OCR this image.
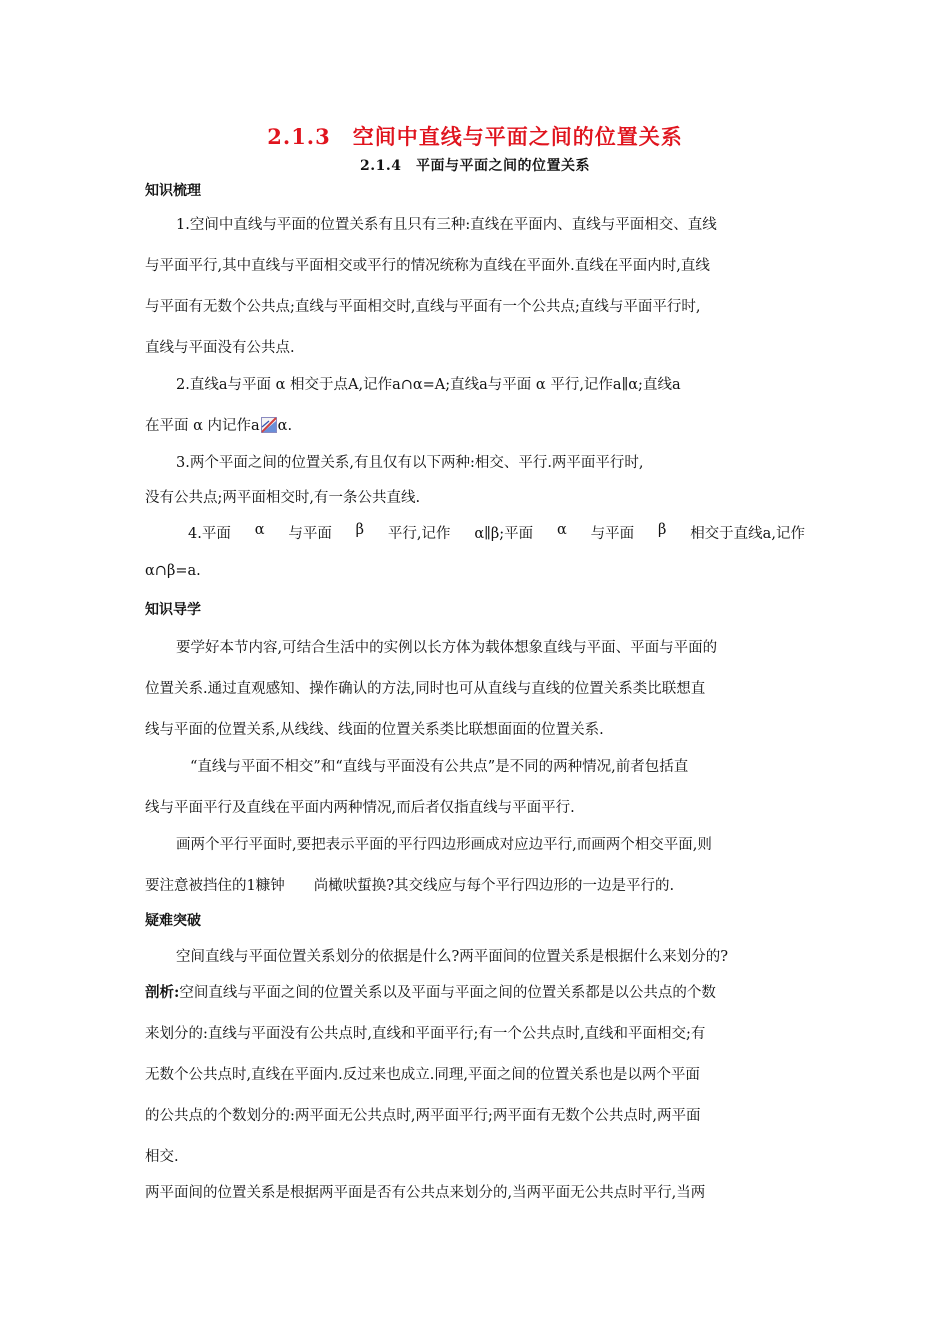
2.1.3　空间中直线与平面之间的位置关系
2.1.4　平面与平面之间的位置关系
知识梳理
1.空间中直线与平面的位置关系有且只有三种:直线在平面内、直线与平面相交、直线
与平面平行,其中直线与平面相交或平行的情况统称为直线在平面外.直线在平面内时,直线
与平面有无数个公共点;直线与平面相交时,直线与平面有一个公共点;直线与平面平行时,
直线与平面没有公共点.
2.直线a与平面 α 相交于点A,记作a∩α=A;直线a与平面 α 平行,记作a∥α;直线a
在平面 α 内记作a α.
3.两个平面之间的位置关系,有且仅有以下两种:相交、平行.两平面平行时,
没有公共点;两平面相交时,有一条公共直线.
4.平面 α 与平面 β 平行,记作 α∥β;平面 α 与平面 β 相交于直线a,记作
α∩β=a.
知识导学
要学好本节内容,可结合生活中的实例以长方体为载体想象直线与平面、平面与平面的
位置关系.通过直观感知、操作确认的方法,同时也可从直线与直线的位置关系类比联想直
线与平面的位置关系,从线线、线面的位置关系类比联想面面的位置关系.
“直线与平面不相交”和“直线与平面没有公共点”是不同的两种情况,前者包括直
线与平面平行及直线在平面内两种情况,而后者仅指直线与平面平行.
画两个平行平面时,要把表示平面的平行四边形画成对应边平行,而画两个相交平面,则
要注意被挡住的1糠钟　　尚橄吠蜇换?其交线应与每个平行四边形的一边是平行的.
疑难突破
空间直线与平面位置关系划分的依据是什么?两平面间的位置关系是根据什么来划分的?
剖析:空间直线与平面之间的位置关系以及平面与平面之间的位置关系都是以公共点的个数
来划分的:直线与平面没有公共点时,直线和平面平行;有一个公共点时,直线和平面相交;有
无数个公共点时,直线在平面内.反过来也成立.同理,平面之间的位置关系也是以两个平面
的公共点的个数划分的:两平面无公共点时,两平面平行;两平面有无数个公共点时,两平面
相交.
两平面间的位置关系是根据两平面是否有公共点来划分的,当两平面无公共点时平行,当两
